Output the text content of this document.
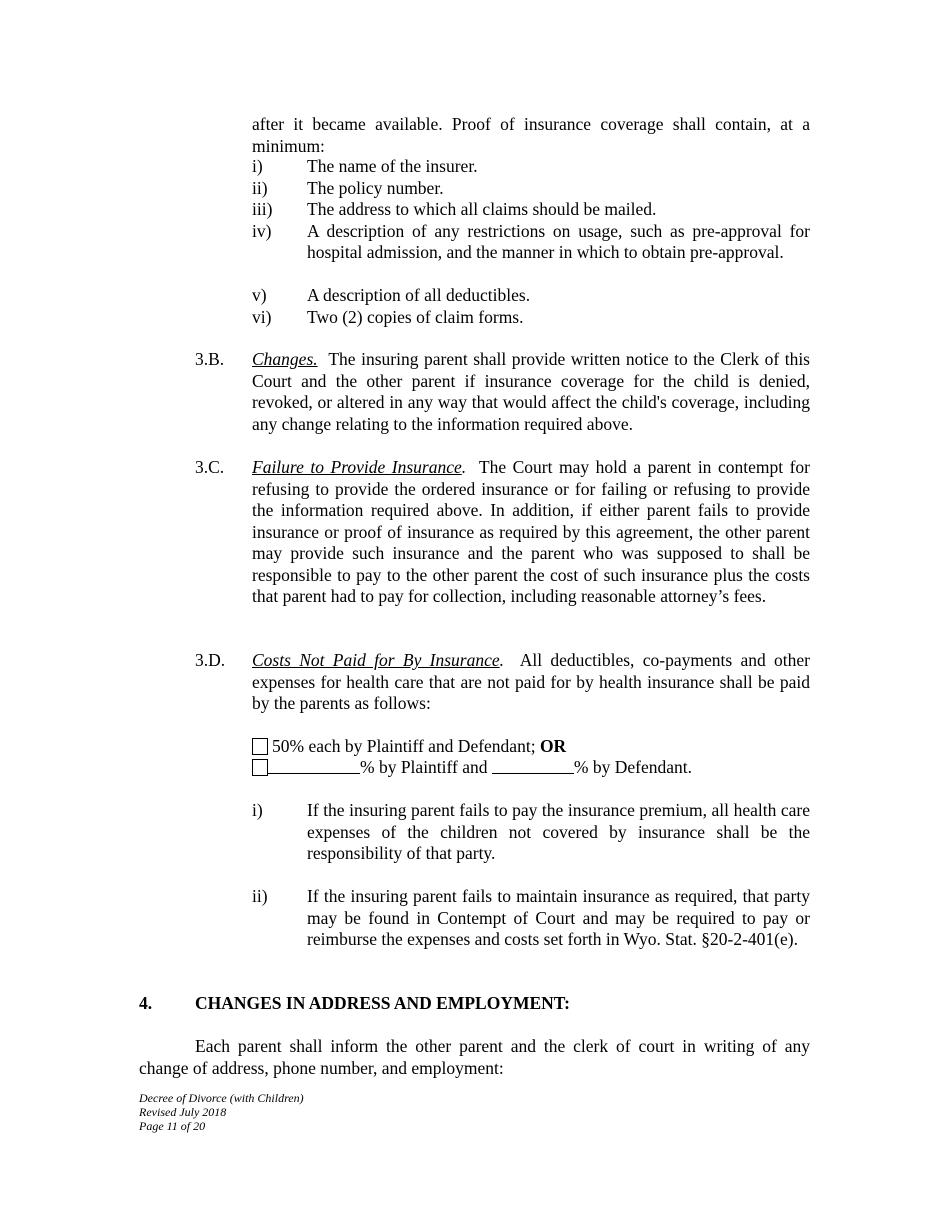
after it became available. Proof of insurance coverage shall contain, at a minimum:
i)	The name of the insurer.
ii) The policy number.
iii) The address to which all claims should be mailed.
iv) A description of any restrictions on usage, such as pre-approval for hospital admission, and the manner in which to obtain pre-approval.
v) A description of all deductibles.
vi) Two (2) copies of claim forms.
3.B. Changes. The insuring parent shall provide written notice to the Clerk of this Court and the other parent if insurance coverage for the child is denied, revoked, or altered in any way that would affect the child's coverage, including any change relating to the information required above.
3.C. Failure to Provide Insurance. The Court may hold a parent in contempt for refusing to provide the ordered insurance or for failing or refusing to provide the information required above. In addition, if either parent fails to provide insurance or proof of insurance as required by this agreement, the other parent may provide such insurance and the parent who was supposed to shall be responsible to pay to the other parent the cost of such insurance plus the costs that parent had to pay for collection, including reasonable attorney’s fees.
3.D. Costs Not Paid for By Insurance. All deductibles, co-payments and other expenses for health care that are not paid for by health insurance shall be paid by the parents as follows:
50% each by Plaintiff and Defendant; OR
% by Plaintiff and	% by Defendant.
i)	If the insuring parent fails to pay the insurance premium, all health care expenses of the children not covered by insurance shall be the responsibility of that party.
ii) If the insuring parent fails to maintain insurance as required, that party may be found in Contempt of Court and may be required to pay or reimburse the expenses and costs set forth in Wyo. Stat. §20-2-401(e).
4. CHANGES IN ADDRESS AND EMPLOYMENT:
Each parent shall inform the other parent and the clerk of court in writing of any change of address, phone number, and employment:
Decree of Divorce (with Children)
Revised July 2018
Page 11 of 20
